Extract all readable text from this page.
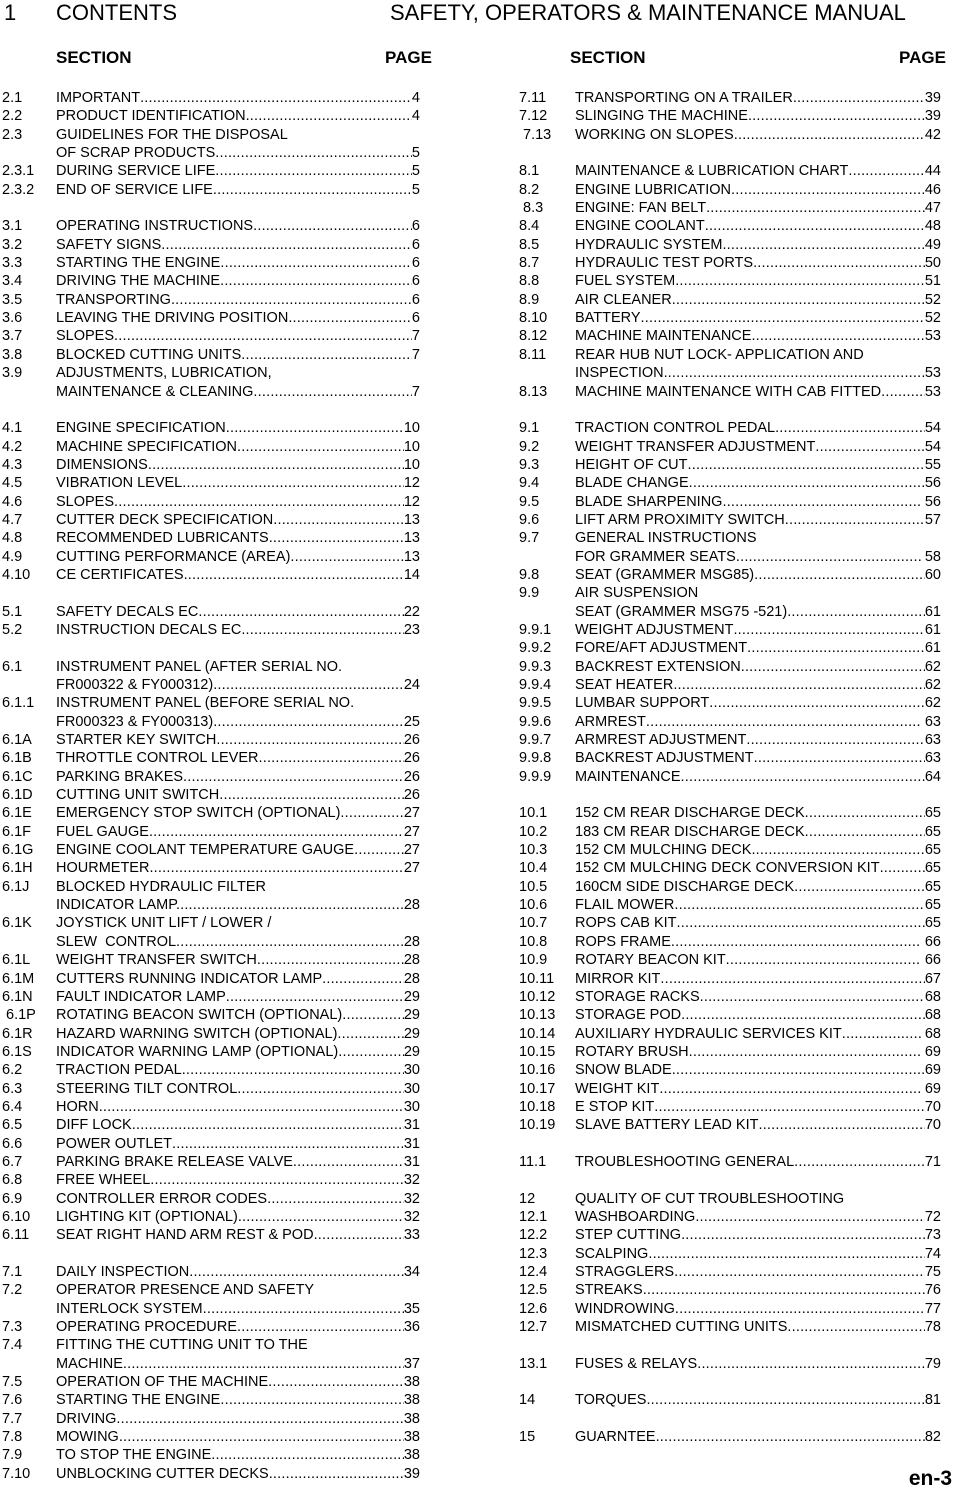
1 CONTENTS	SAFETY, OPERATORS & MAINTENANCE MANUAL
SECTION	PAGE	SECTION	PAGE
2.1	IMPORTANT .....	4
2.2	PRODUCT IDENTIFICATION .....	4
2.3	GUIDELINES FOR THE DISPOSAL
OF SCRAP PRODUCTS .....	5
2.3.1	DURING SERVICE LIFE .....	5
2.3.2	END OF SERVICE LIFE .....	5
3.1	OPERATING INSTRUCTIONS .....	6
3.2	SAFETY SIGNS .....	6
3.3	STARTING THE ENGINE .....	6
3.4	DRIVING THE MACHINE .....	6
3.5	TRANSPORTING .....	6
3.6	LEAVING THE DRIVING POSITION .....	6
3.7	SLOPES .....	7
3.8	BLOCKED CUTTING UNITS .....	7
3.9	ADJUSTMENTS, LUBRICATION,
MAINTENANCE & CLEANING .....	7
4.1	ENGINE SPECIFICATION .....	10
4.2	MACHINE SPECIFICATION .....	10
4.3	DIMENSIONS .....	10
4.5	VIBRATION LEVEL .....	12
4.6	SLOPES .....	12
4.7	CUTTER DECK SPECIFICATION .....	13
4.8	RECOMMENDED LUBRICANTS .....	13
4.9	CUTTING PERFORMANCE (AREA) .....	13
4.10	CE CERTIFICATES .....	14
5.1	SAFETY DECALS EC .....	22
5.2	INSTRUCTION DECALS EC .....	23
6.1	INSTRUMENT PANEL (AFTER SERIAL NO.
FR000322 & FY000312) .....	24
6.1.1	INSTRUMENT PANEL (BEFORE SERIAL NO.
FR000323 & FY000313) .....	25
6.1A	STARTER KEY SWITCH .....	26
6.1B	THROTTLE CONTROL LEVER .....	26
6.1C	PARKING BRAKES .....	26
6.1D	CUTTING UNIT SWITCH .....	26
6.1E	EMERGENCY STOP SWITCH (OPTIONAL) .....	27
6.1F	FUEL GAUGE .....	27
6.1G	ENGINE COOLANT TEMPERATURE GAUGE .....	27
6.1H	HOURMETER .....	27
6.1J	BLOCKED HYDRAULIC FILTER
INDICATOR LAMP. .....	28
6.1K	JOYSTICK UNIT LIFT / LOWER /
SLEW  CONTROL .....	28
6.1L	WEIGHT TRANSFER SWITCH .....	28
6.1M	CUTTERS RUNNING INDICATOR LAMP .....	28
6.1N	FAULT INDICATOR LAMP .....	29
6.1P	ROTATING BEACON SWITCH (OPTIONAL) .....	29
6.1R	HAZARD WARNING SWITCH (OPTIONAL) .....	29
6.1S	INDICATOR WARNING LAMP (OPTIONAL) .....	29
6.2	TRACTION PEDAL .....	30
6.3	STEERING TILT CONTROL .....	30
6.4	HORN .....	30
6.5	DIFF LOCK .....	31
6.6	POWER OUTLET .....	31
6.7	PARKING BRAKE RELEASE VALVE .....	31
6.8	FREE WHEEL .....	32
6.9	CONTROLLER ERROR CODES .....	32
6.10	LIGHTING KIT (OPTIONAL) .....	32
6.11	SEAT RIGHT HAND ARM REST & POD .....	33
7.1	DAILY INSPECTION .....	34
7.2	OPERATOR PRESENCE AND SAFETY
INTERLOCK SYSTEM .....	35
7.3	OPERATING PROCEDURE .....	36
7.4	FITTING THE CUTTING UNIT TO THE
MACHINE .....	37
7.5	OPERATION OF THE MACHINE .....	38
7.6	STARTING THE ENGINE .....	38
7.7	DRIVING .....	38
7.8	MOWING .....	38
7.9	TO STOP THE ENGINE .....	38
7.10	UNBLOCKING CUTTER DECKS .....	39
7.11	TRANSPORTING ON A TRAILER .....	39
7.12	SLINGING THE MACHINE .....	39
7.13	WORKING ON SLOPES .....	42
8.1	MAINTENANCE & LUBRICATION CHART .....	44
8.2	ENGINE LUBRICATION .....	46
8.3	ENGINE: FAN BELT .....	47
8.4	ENGINE COOLANT .....	48
8.5	HYDRAULIC SYSTEM .....	49
8.7	HYDRAULIC TEST PORTS .....	50
8.8	FUEL SYSTEM .....	51
8.9	AIR CLEANER .....	52
8.10	BATTERY .....	52
8.12	MACHINE MAINTENANCE .....	53
8.11	REAR HUB NUT LOCK- APPLICATION AND
INSPECTION. .....	53
8.13	MACHINE MAINTENANCE WITH CAB FITTED .....	53
9.1	TRACTION CONTROL PEDAL .....	54
9.2	WEIGHT TRANSFER ADJUSTMENT .....	54
9.3	HEIGHT OF CUT .....	55
9.4	BLADE CHANGE .....	56
9.5	BLADE SHARPENING .....	56
9.6	LIFT ARM PROXIMITY SWITCH .....	57
9.7	GENERAL INSTRUCTIONS
FOR GRAMMER SEATS .....	58
9.8	SEAT (GRAMMER MSG85) .....	60
9.9	AIR SUSPENSION
SEAT (GRAMMER MSG75 -521) .....	61
9.9.1	WEIGHT ADJUSTMENT .....	61
9.9.2	FORE/AFT ADJUSTMENT .....	61
9.9.3	BACKREST EXTENSION .....	62
9.9.4	SEAT HEATER .....	62
9.9.5	LUMBAR SUPPORT .....	62
9.9.6	ARMREST .....	63
9.9.7	ARMREST ADJUSTMENT .....	63
9.9.8	BACKREST ADJUSTMENT .....	63
9.9.9	MAINTENANCE .....	64
10.1	152 CM REAR DISCHARGE DECK .....	65
10.2	183 CM REAR DISCHARGE DECK .....	65
10.3	152 CM MULCHING DECK .....	65
10.4	152 CM MULCHING DECK CONVERSION KIT .....	65
10.5	160CM SIDE DISCHARGE DECK .....	65
10.6	FLAIL MOWER .....	65
10.7	ROPS CAB KIT .....	65
10.8	ROPS FRAME .....	66
10.9	ROTARY BEACON KIT .....	66
10.11	MIRROR KIT .....	67
10.12	STORAGE RACKS .....	68
10.13	STORAGE POD .....	68
10.14	AUXILIARY HYDRAULIC SERVICES KIT .....	68
10.15	ROTARY BRUSH .....	69
10.16	SNOW BLADE .....	69
10.17	WEIGHT KIT .....	69
10.18	E STOP KIT .....	70
10.19	SLAVE BATTERY LEAD KIT .....	70
11.1	TROUBLESHOOTING GENERAL .....	71
12	QUALITY OF CUT TROUBLESHOOTING
12.1	WASHBOARDING .....	72
12.2	STEP CUTTING .....	73
12.3	SCALPING .....	74
12.4	STRAGGLERS .....	75
12.5	STREAKS .....	76
12.6	WINDROWING .....	77
12.7	MISMATCHED CUTTING UNITS .....	78
13.1	FUSES & RELAYS .....	79
14	TORQUES .....	81
15	GUARNTEE .....	82
en-3
